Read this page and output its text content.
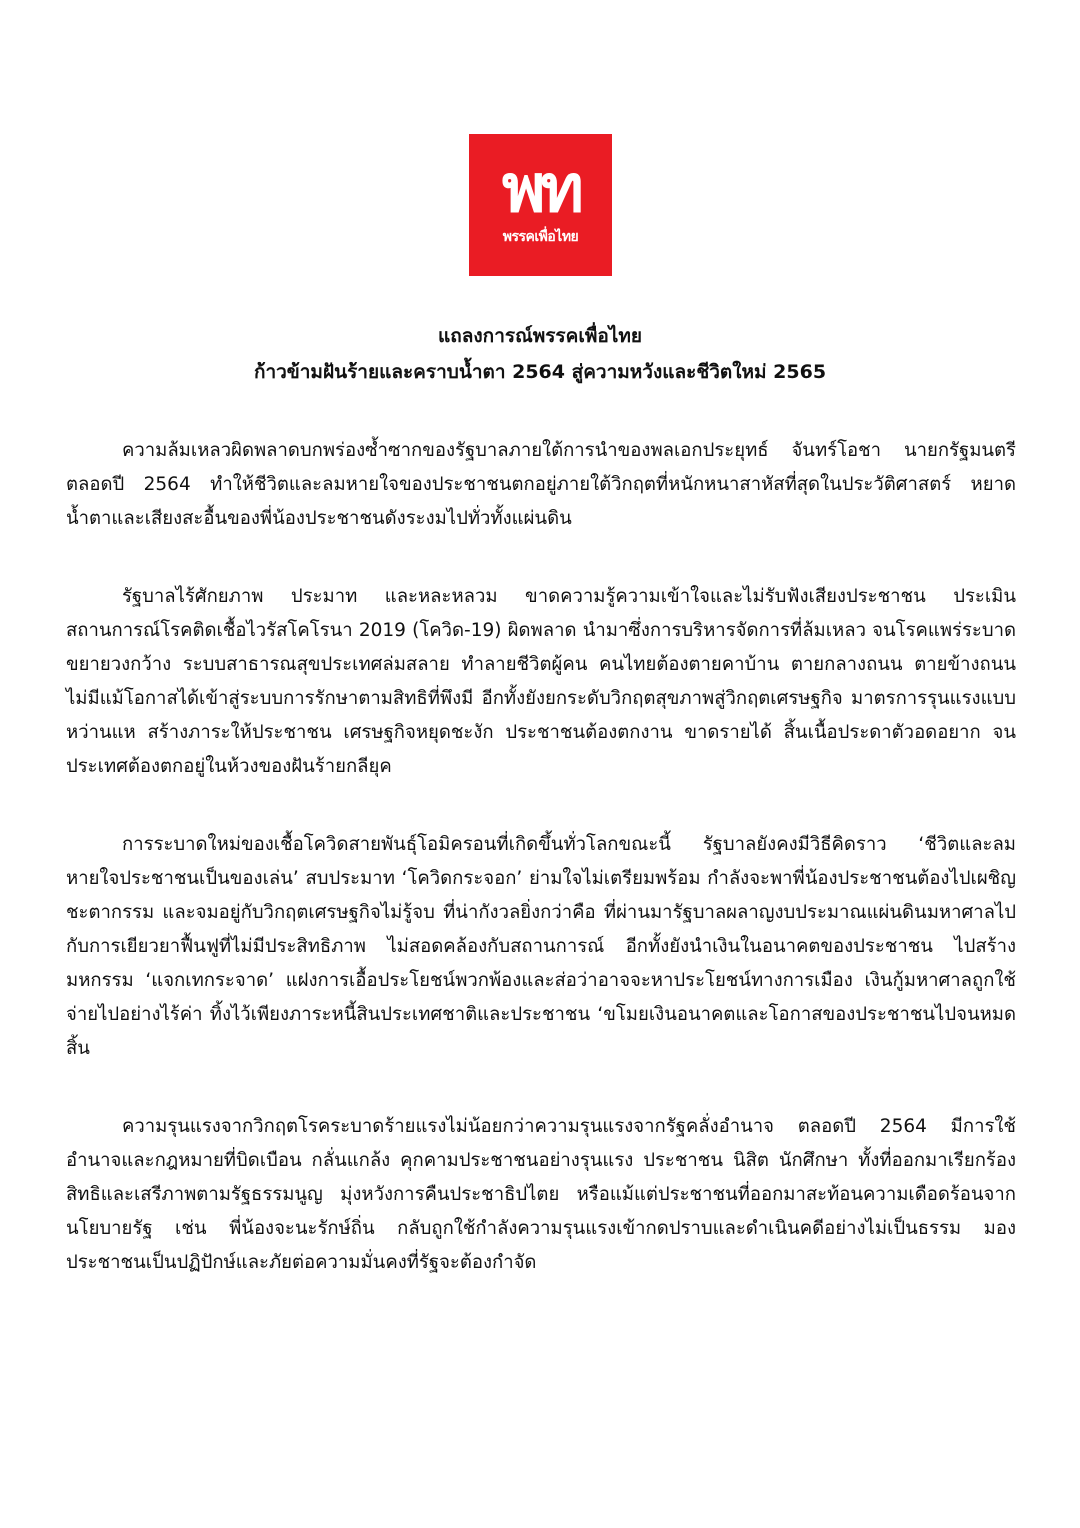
พท
พรรคเพื่อไทย

แถลงการณ์พรรคเพื่อไทย

ก้าวข้ามฝันร้ายและคราบน้ำตา 2564 สู่ความหวังและชีวิตใหม่ 2565

ความล้มเหลวผิดพลาดบกพร่องซ้ำซากของรัฐบาลภายใต้การนำของพลเอกประยุทธ์ จันทร์โอชา นายกรัฐมนตรี ตลอดปี 2564 ทำให้ชีวิตและลมหายใจของประชาชนตกอยู่ภายใต้วิกฤตที่หนักหนาสาหัสที่สุดในประวัติศาสตร์ หยาดน้ำตาและเสียงสะอื้นของพี่น้องประชาชนดังระงมไปทั่วทั้งแผ่นดิน

รัฐบาลไร้ศักยภาพ ประมาท และหละหลวม ขาดความรู้ความเข้าใจและไม่รับฟังเสียงประชาชน ประเมินสถานการณ์โรคติดเชื้อไวรัสโคโรนา 2019 (โควิด-19) ผิดพลาด นำมาซึ่งการบริหารจัดการที่ล้มเหลว จนโรคแพร่ระบาดขยายวงกว้าง ระบบสาธารณสุขประเทศล่มสลาย ทำลายชีวิตผู้คน คนไทยต้องตายคาบ้าน ตายกลางถนน ตายข้างถนน ไม่มีแม้โอกาสได้เข้าสู่ระบบการรักษาตามสิทธิที่พึงมี อีกทั้งยังยกระดับวิกฤตสุขภาพสู่วิกฤตเศรษฐกิจ มาตรการรุนแรงแบบหว่านแห สร้างภาระให้ประชาชน เศรษฐกิจหยุดชะงัก ประชาชนต้องตกงาน ขาดรายได้ สิ้นเนื้อประดาตัวอดอยาก จนประเทศต้องตกอยู่ในห้วงของฝันร้ายกลียุค

การระบาดใหม่ของเชื้อโควิดสายพันธุ์โอมิครอนที่เกิดขึ้นทั่วโลกขณะนี้ รัฐบาลยังคงมีวิธีคิดราว ‘ชีวิตและลมหายใจประชาชนเป็นของเล่น’ สบประมาท ‘โควิดกระจอก’ ย่ามใจไม่เตรียมพร้อม กำลังจะพาพี่น้องประชาชนต้องไปเผชิญชะตากรรม และจมอยู่กับวิกฤตเศรษฐกิจไม่รู้จบ ที่น่ากังวลยิ่งกว่าคือ ที่ผ่านมารัฐบาลผลาญงบประมาณแผ่นดินมหาศาลไปกับการเยียวยาฟื้นฟูที่ไม่มีประสิทธิภาพ ไม่สอดคล้องกับสถานการณ์ อีกทั้งยังนำเงินในอนาคตของประชาชน ไปสร้างมหกรรม ‘แจกเทกระจาด’ แฝงการเอื้อประโยชน์พวกพ้องและส่อว่าอาจจะหาประโยชน์ทางการเมือง เงินกู้มหาศาลถูกใช้จ่ายไปอย่างไร้ค่า ทิ้งไว้เพียงภาระหนี้สินประเทศชาติและประชาชน ‘ขโมยเงินอนาคตและโอกาสของประชาชนไปจนหมดสิ้น

ความรุนแรงจากวิกฤตโรคระบาดร้ายแรงไม่น้อยกว่าความรุนแรงจากรัฐคลั่งอำนาจ ตลอดปี 2564 มีการใช้อำนาจและกฎหมายที่บิดเบือน กลั่นแกล้ง คุกคามประชาชนอย่างรุนแรง ประชาชน นิสิต นักศึกษา ทั้งที่ออกมาเรียกร้องสิทธิและเสรีภาพตามรัฐธรรมนูญ มุ่งหวังการคืนประชาธิปไตย หรือแม้แต่ประชาชนที่ออกมาสะท้อนความเดือดร้อนจากนโยบายรัฐ เช่น พี่น้องจะนะรักษ์ถิ่น กลับถูกใช้กำลังความรุนแรงเข้ากดปราบและดำเนินคดีอย่างไม่เป็นธรรม มองประชาชนเป็นปฏิปักษ์และภัยต่อความมั่นคงที่รัฐจะต้องกำจัด
